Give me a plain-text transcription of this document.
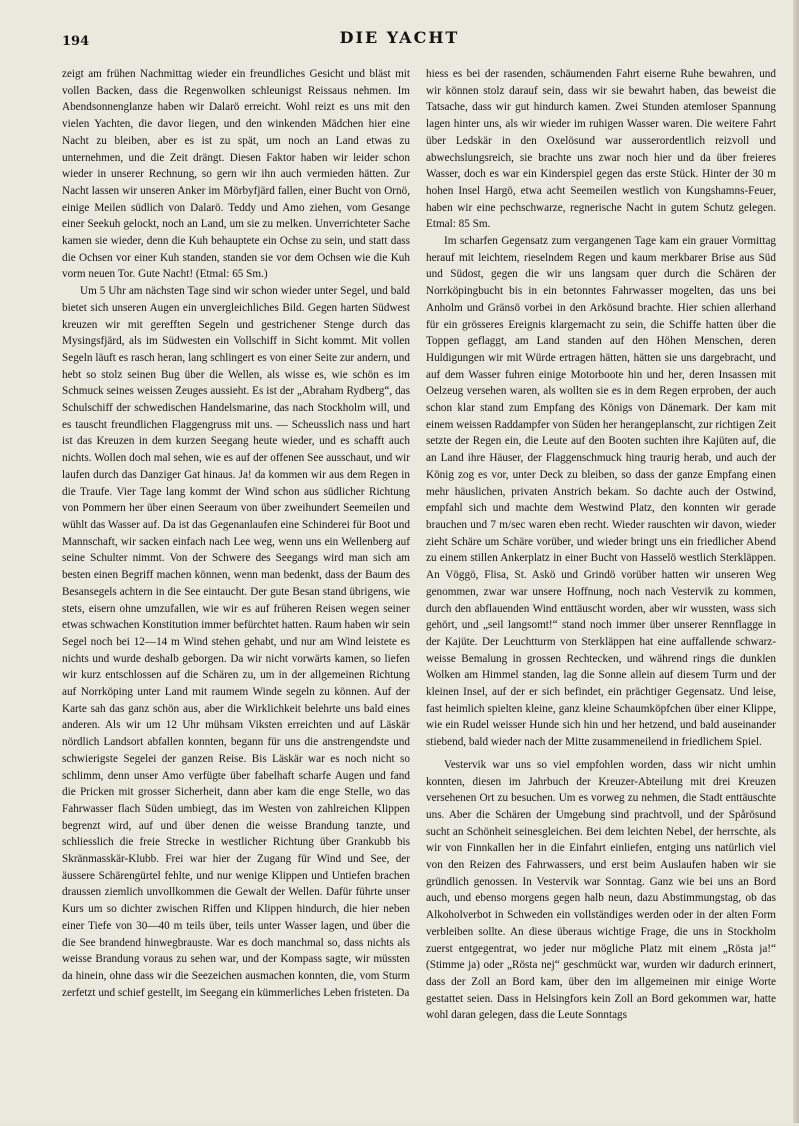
194	DIE YACHT

zeigt am frühen Nachmittag wieder ein freundliches Gesicht und bläst mit vollen Backen, dass die Regenwolken schleunigst Reissaus nehmen. Im Abendsonnenglanze haben wir Dalarö erreicht. Wohl reizt es uns mit den vielen Yachten, die davor liegen, und den winkenden Mädchen hier eine Nacht zu bleiben, aber es ist zu spät, um noch an Land etwas zu unternehmen, und die Zeit drängt. Diesen Faktor haben wir leider schon wieder in unserer Rechnung, so gern wir ihn auch vermieden hätten. Zur Nacht lassen wir unseren Anker im Mörbyfjärd fallen, einer Bucht von Ornö, einige Meilen südlich von Dalarö. Teddy und Amo ziehen, vom Gesange einer Seekuh gelockt, noch an Land, um sie zu melken. Unverrichteter Sache kamen sie wieder, denn die Kuh behauptete ein Ochse zu sein, und statt dass die Ochsen vor einer Kuh standen, standen sie vor dem Ochsen wie die Kuh vorm neuen Tor. Gute Nacht! (Etmal: 65 Sm.)

Um 5 Uhr am nächsten Tage sind wir schon wieder unter Segel, und bald bietet sich unseren Augen ein unvergleichliches Bild. Gegen harten Südwest kreuzen wir mit gerefften Segeln und gestrichener Stenge durch das Mysingsfjärd, als im Südwesten ein Vollschiff in Sicht kommt. Mit vollen Segeln läuft es rasch heran, lang schlingert es von einer Seite zur andern, und hebt so stolz seinen Bug über die Wellen, als wisse es, wie schön es im Schmuck seines weissen Zeuges aussieht. Es ist der „Abraham Rydberg“, das Schulschiff der schwedischen Handelsmarine, das nach Stockholm will, und es tauscht freundlichen Flaggengruss mit uns. — Scheusslich nass und hart ist das Kreuzen in dem kurzen Seegang heute wieder, und es schafft auch nichts. Wollen doch mal sehen, wie es auf der offenen See ausschaut, und wir laufen durch das Danziger Gat hinaus. Ja! da kommen wir aus dem Regen in die Traufe. Vier Tage lang kommt der Wind schon aus südlicher Richtung von Pommern her über einen Seeraum von über zweihundert Seemeilen und wühlt das Wasser auf. Da ist das Gegenanlaufen eine Schinderei für Boot und Mannschaft, wir sacken einfach nach Lee weg, wenn uns ein Wellenberg auf seine Schulter nimmt. Von der Schwere des Seegangs wird man sich am besten einen Begriff machen können, wenn man bedenkt, dass der Baum des Besansegels achtern in die See eintaucht. Der gute Besan stand übrigens, wie stets, eisern ohne umzufallen, wie wir es auf früheren Reisen wegen seiner etwas schwachen Konstitution immer befürchtet hatten. Raum haben wir sein Segel noch bei 12—14 m Wind stehen gehabt, und nur am Wind leistete es nichts und wurde deshalb geborgen. Da wir nicht vorwärts kamen, so liefen wir kurz entschlossen auf die Schären zu, um in der allgemeinen Richtung auf Norrköping unter Land mit raumem Winde segeln zu können. Auf der Karte sah das ganz schön aus, aber die Wirklichkeit belehrte uns bald eines anderen. Als wir um 12 Uhr mühsam Viksten erreichten und auf Läskär nördlich Landsort abfallen konnten, begann für uns die anstrengendste und schwierigste Segelei der ganzen Reise. Bis Läskär war es noch nicht so schlimm, denn unser Amo verfügte über fabelhaft scharfe Augen und fand die Pricken mit grosser Sicherheit, dann aber kam die enge Stelle, wo das Fahrwasser flach Süden umbiegt, das im Westen von zahlreichen Klippen begrenzt wird, auf und über denen die weisse Brandung tanzte, und schliesslich die freie Strecke in westlicher Richtung über Grankubb bis Skränmasskär-Klubb. Frei war hier der Zugang für Wind und See, der äussere Schärengürtel fehlte, und nur wenige Klippen und Untiefen brachen draussen ziemlich unvollkommen die Gewalt der Wellen. Dafür führte unser Kurs um so dichter zwischen Riffen und Klippen hindurch, die hier neben einer Tiefe von 30—40 m teils über, teils unter Wasser lagen, und über die die See brandend hinwegbrauste. War es doch manchmal so, dass nichts als weisse Brandung voraus zu sehen war, und der Kompass sagte, wir müssten da hinein, ohne dass wir die Seezeichen ausmachen konnten, die, vom Sturm zerfetzt und schief gestellt, im Seegang ein kümmerliches Leben fristeten. Da

hiess es bei der rasenden, schäumenden Fahrt eiserne Ruhe bewahren, und wir können stolz darauf sein, dass wir sie bewahrt haben, das beweist die Tatsache, dass wir gut hindurch kamen. Zwei Stunden atemloser Spannung lagen hinter uns, als wir wieder im ruhigen Wasser waren. Die weitere Fahrt über Ledskär in den Oxelösund war ausserordentlich reizvoll und abwechslungsreich, sie brachte uns zwar noch hier und da über freieres Wasser, doch es war ein Kinderspiel gegen das erste Stück. Hinter der 30 m hohen Insel Hargö, etwa acht Seemeilen westlich von Kungshamns-Feuer, haben wir eine pechschwarze, regnerische Nacht in gutem Schutz gelegen. Etmal: 85 Sm.

Im scharfen Gegensatz zum vergangenen Tage kam ein grauer Vormittag herauf mit leichtem, rieselndem Regen und kaum merkbarer Brise aus Süd und Südost, gegen die wir uns langsam quer durch die Schären der Norrköpingbucht bis in ein betonntes Fahrwasser mogelten, das uns bei Anholm und Gränsö vorbei in den Arkösund brachte. Hier schien allerhand für ein grösseres Ereignis klargemacht zu sein, die Schiffe hatten über die Toppen geflaggt, am Land standen auf den Höhen Menschen, deren Huldigungen wir mit Würde ertragen hätten, hätten sie uns dargebracht, und auf dem Wasser fuhren einige Motorboote hin und her, deren Insassen mit Oelzeug versehen waren, als wollten sie es in dem Regen erproben, der auch schon klar stand zum Empfang des Königs von Dänemark. Der kam mit einem weissen Raddampfer von Süden her herangeplanscht, zur richtigen Zeit setzte der Regen ein, die Leute auf den Booten suchten ihre Kajüten auf, die an Land ihre Häuser, der Flaggenschmuck hing traurig herab, und auch der König zog es vor, unter Deck zu bleiben, so dass der ganze Empfang einen mehr häuslichen, privaten Anstrich bekam. So dachte auch der Ostwind, empfahl sich und machte dem Westwind Platz, den konnten wir gerade brauchen und 7 m/sec waren eben recht. Wieder rauschten wir davon, wieder zieht Schäre um Schäre vorüber, und wieder bringt uns ein friedlicher Abend zu einem stillen Ankerplatz in einer Bucht von Hasselö westlich Sterkläppen. An Vöggö, Flisa, St. Askö und Grindö vorüber hatten wir unseren Weg genommen, zwar war unsere Hoffnung, noch nach Vestervik zu kommen, durch den abflauenden Wind enttäuscht worden, aber wir wussten, wass sich gehört, und „seil langsomt!“ stand noch immer über unserer Rennflagge in der Kajüte. Der Leuchtturm von Sterkläppen hat eine auffallende schwarz-weisse Bemalung in grossen Rechtecken, und während rings die dunklen Wolken am Himmel standen, lag die Sonne allein auf diesem Turm und der kleinen Insel, auf der er sich befindet, ein prächtiger Gegensatz. Und leise, fast heimlich spielten kleine, ganz kleine Schaumköpfchen über einer Klippe, wie ein Rudel weisser Hunde sich hin und her hetzend, und bald auseinander stiebend, bald wieder nach der Mitte zusammeneilend in friedlichem Spiel.

Vestervik war uns so viel empfohlen worden, dass wir nicht umhin konnten, diesen im Jahrbuch der Kreuzer-Abteilung mit drei Kreuzen versehenen Ort zu besuchen. Um es vorweg zu nehmen, die Stadt enttäuschte uns. Aber die Schären der Umgebung sind prachtvoll, und der Spårösund sucht an Schönheit seinesgleichen. Bei dem leichten Nebel, der herrschte, als wir von Finnkallen her in die Einfahrt einliefen, entging uns natürlich viel von den Reizen des Fahrwassers, und erst beim Auslaufen haben wir sie gründlich genossen. In Vestervik war Sonntag. Ganz wie bei uns an Bord auch, und ebenso morgens gegen halb neun, dazu Abstimmungstag, ob das Alkoholverbot in Schweden ein vollständiges werden oder in der alten Form verbleiben sollte. An diese überaus wichtige Frage, die uns in Stockholm zuerst entgegentrat, wo jeder nur mögliche Platz mit einem „Rösta ja!“ (Stimme ja) oder „Rösta nej“ geschmückt war, wurden wir dadurch erinnert, dass der Zoll an Bord kam, über den im allgemeinen mir einige Worte gestattet seien. Dass in Helsingfors kein Zoll an Bord gekommen war, hatte wohl daran gelegen, dass die Leute Sonntags
